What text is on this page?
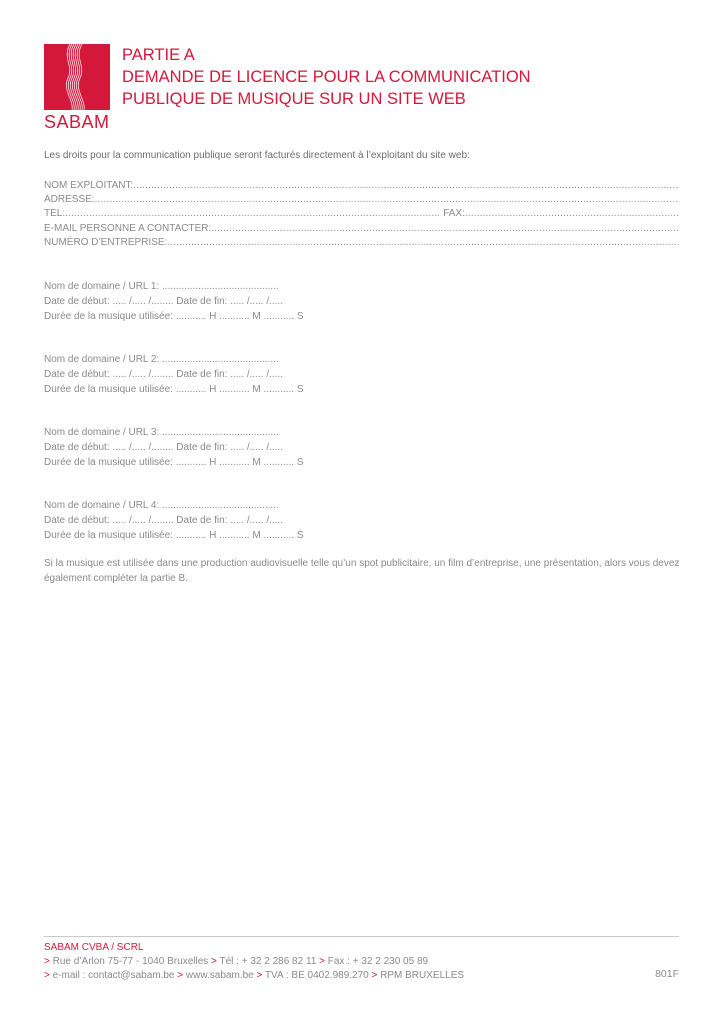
SABAM
PARTIE A
DEMANDE DE LICENCE POUR LA COMMUNICATION
PUBLIQUE DE MUSIQUE SUR UN SITE WEB
Les droits pour la communication publique seront facturés directement à l’exploitant du site web:
NOM EXPLOITANT:
.....
ADRESSE:
.....
TEL:
.....	FAX:
.....
E-MAIL PERSONNE A CONTACTER:
.....
NUMÉRO D’ENTREPRISE:
.....
Nom de domaine / URL 1: ..........................................
Date de début: ..... /..... /........ Date de fin: ..... /..... /.....
Durée de la musique utilisée: ........... H ........... M ........... S
Nom de domaine / URL 2: ..........................................
Date de début: ..... /..... /........ Date de fin: ..... /..... /.....
Durée de la musique utilisée: ........... H ........... M ........... S
Nom de domaine / URL 3: ..........................................
Date de début: ..... /..... /........ Date de fin: ..... /..... /.....
Durée de la musique utilisée: ........... H ........... M ........... S
Nom de domaine / URL 4: ..........................................
Date de début: ..... /..... /........ Date de fin: ..... /..... /.....
Durée de la musique utilisée: ........... H ........... M ........... S
Si la musique est utilisée dans une production audiovisuelle telle qu’un spot publicitaire, un film d’entreprise, une présentation, alors vous devez également compléter la partie B.
SABAM CVBA / SCRL
> Rue d’Arlon 75-77 - 1040 Bruxelles > Tél : + 32 2 286 82 11 > Fax : + 32 2 230 05 89
> e-mail : contact@sabam.be > www.sabam.be > TVA : BE 0402.989.270 > RPM BRUXELLES	801F
